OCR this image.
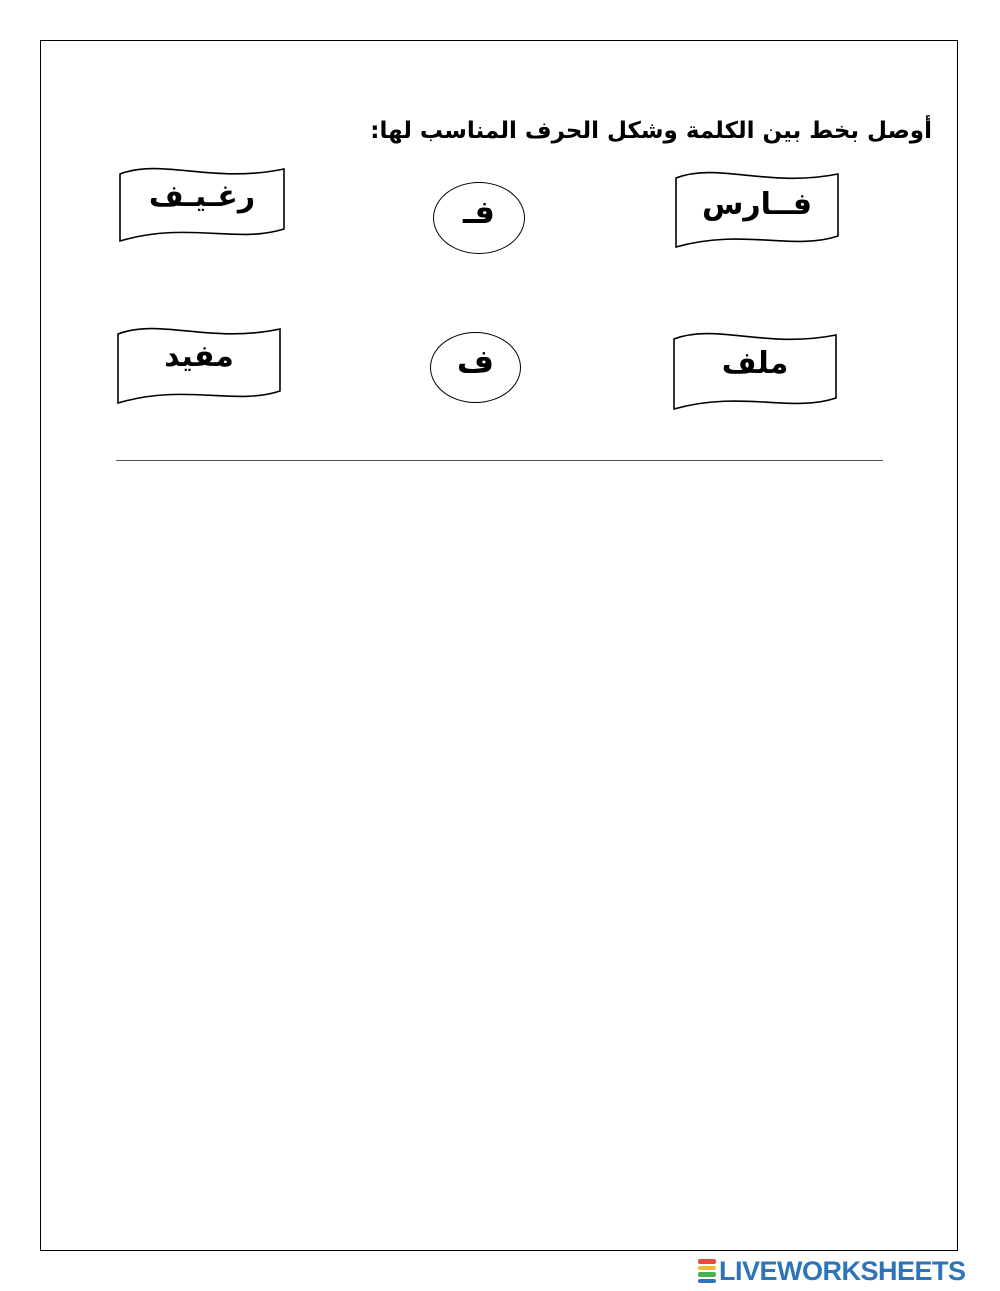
أوصل بخط بين الكلمة وشكل الحرف المناسب لها:
فــارس
فـ
رغـيـف
ملف
ف
مفيد
LIVEWORKSHEETS
